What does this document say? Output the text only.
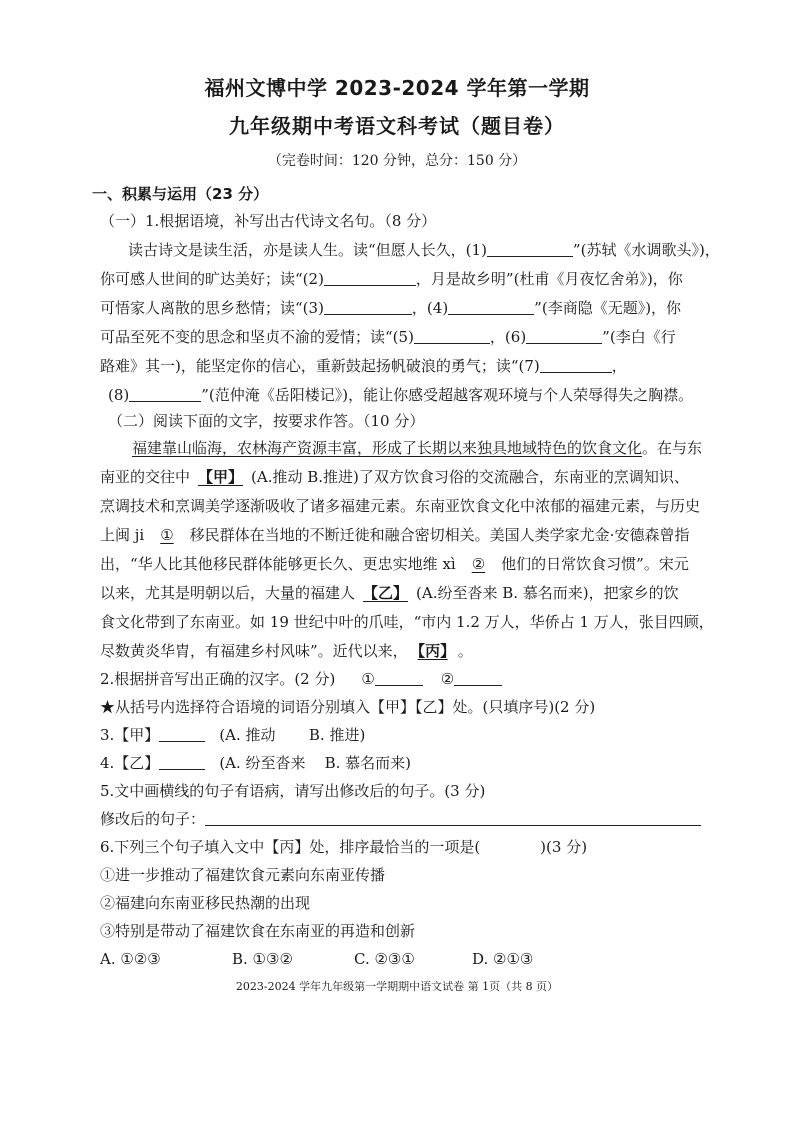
福州文博中学 2023-2024 学年第一学期
九年级期中考语文科考试（题目卷）
（完卷时间：120 分钟，总分：150 分）
一、积累与运用（23 分）
（一）1.根据语境，补写出古代诗文名句。（8 分）
读古诗文是读生活，亦是读人生。读“但愿人长久，(1)	”(苏轼《水调歌头》)，
你可感人世间的旷达美好；读“(2)	，月是故乡明”(杜甫《月夜忆舍弟》)，你
可悟家人离散的思乡愁情；读“(3)	，(4)	”(李商隐《无题》)，你
可品至死不变的思念和坚贞不渝的爱情；读“(5)	，(6)	”(李白《行
路难》其一)，能坚定你的信心，重新鼓起扬帆破浪的勇气；读“(7)	，
(8)	”(范仲淹《岳阳楼记》)，能让你感受超越客观环境与个人荣辱得失之胸襟。
（二）阅读下面的文字，按要求作答。（10 分）
福建靠山临海，农林海产资源丰富，形成了长期以来独具地域特色的饮食文化。在与东
南亚的交往中 【甲】 (A.推动 B.推进)了双方饮食习俗的交流融合，东南亚的烹调知识、
烹调技术和烹调美学逐渐吸收了诸多福建元素。东南亚饮食文化中浓郁的福建元素，与历史
上闽 ji ① 移民群体在当地的不断迁徙和融合密切相关。美国人类学家尤金·安德森曾指
出，“华人比其他移民群体能够更长久、更忠实地维 xì ② 他们的日常饮食习惯”。宋元
以来，尤其是明朝以后，大量的福建人 【乙】 (A.纷至沓来 B. 慕名而来)，把家乡的饮
食文化带到了东南亚。如 19 世纪中叶的爪哇，“市内 1.2 万人，华侨占 1 万人，张目四顾，
尽数黄炎华胄，有福建乡村风味”。近代以来， 【丙】 。
2.根据拼音写出正确的汉字。(2 分) ①	②
★从括号内选择符合语境的词语分别填入【甲】【乙】处。(只填序号)(2 分)
3.【甲】	(A. 推动       B. 推进)
4.【乙】	(A. 纷至沓来    B. 慕名而来)
5.文中画横线的句子有语病，请写出修改后的句子。(3 分)
修改后的句子：
6.下列三个句子填入文中【丙】处，排序最恰当的一项是(	)(3 分)
①进一步推动了福建饮食元素向东南亚传播
②福建向东南亚移民热潮的出现
③特别是带动了福建饮食在东南亚的再造和创新
A. ①②③	B. ①③②	C. ②③①	D. ②①③
2023-2024 学年九年级第一学期期中语文试卷 第 1页（共 8 页）
